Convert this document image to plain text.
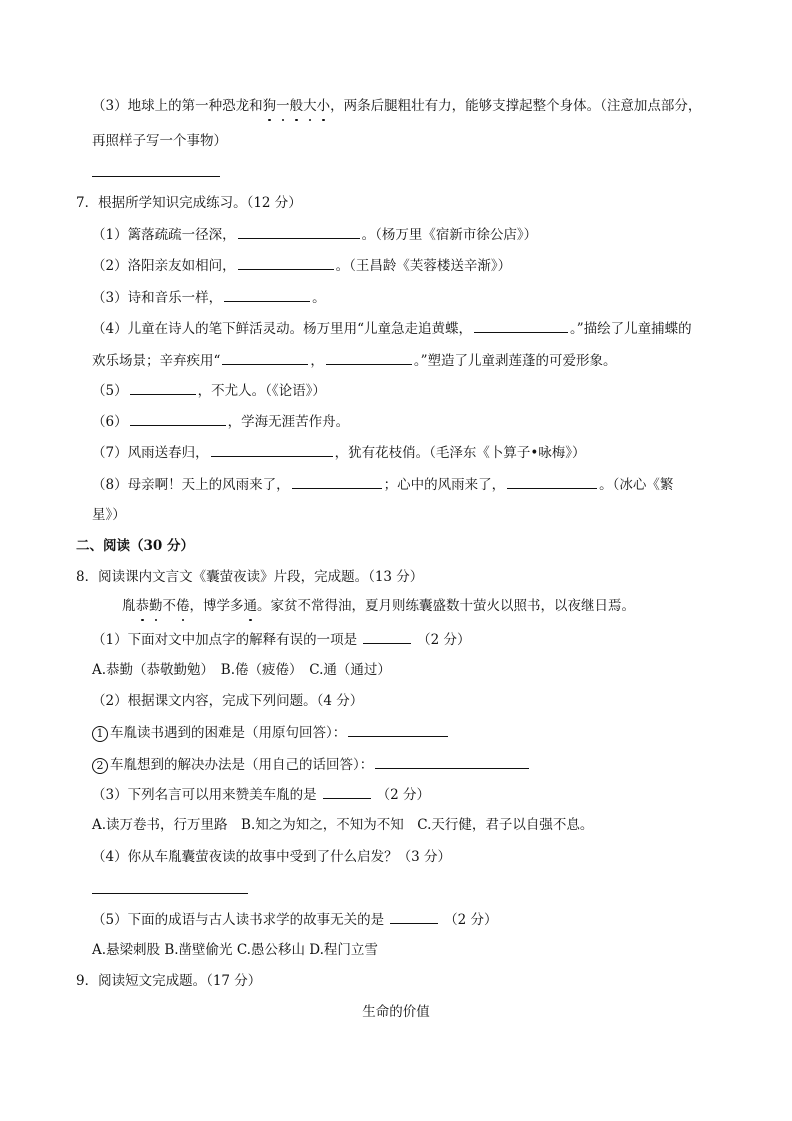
（3）地球上的第一种恐龙和狗一般大小，两条后腿粗壮有力，能够支撑起整个身体。（注意加点部分，
再照样子写一个事物）
7．根据所学知识完成练习。（12 分）
（1）篱落疏疏一径深，	。（杨万里《宿新市徐公店》）
（2）洛阳亲友如相问，	。（王昌龄《芙蓉楼送辛渐》）
（3）诗和音乐一样，	。
（4）儿童在诗人的笔下鲜活灵动。杨万里用“儿童急走追黄蝶，	。”描绘了儿童捕蝶的
欢乐场景；辛弃疾用“	，	。”塑造了儿童剥莲蓬的可爱形象。
（5）	，不尤人。（《论语》）
（6）	，学海无涯苦作舟。
（7）风雨送春归，	，犹有花枝俏。（毛泽东《卜算子•咏梅》）
（8）母亲啊！天上的风雨来了，	；心中的风雨来了，	。（冰心《繁
星》）
二、阅读（30 分）
8．阅读课内文言文《囊萤夜读》片段，完成题。（13 分）
胤恭勤不倦，博学多通。家贫不常得油，夏月则练囊盛数十萤火以照书，以夜继日焉。
（1）下面对文中加点字的解释有误的一项是	（2 分）
A.恭勤（恭敬勤勉）　B.倦（疲倦）　C.通（通过）
（2）根据课文内容，完成下列问题。（4 分）
1 车胤读书遇到的困难是（用原句回答）：
2 车胤想到的解决办法是（用自己的话回答）：
（3）下列名言可以用来赞美车胤的是	（2 分）
A.读万卷书，行万里路　B.知之为知之，不知为不知　C.天行健，君子以自强不息。
（4）你从车胤囊萤夜读的故事中受到了什么启发？（3 分）
（5）下面的成语与古人读书求学的故事无关的是	（2 分）
A.悬梁刺股 B.凿壁偷光 C.愚公移山 D.程门立雪
9．阅读短文完成题。（17 分）
生命的价值
